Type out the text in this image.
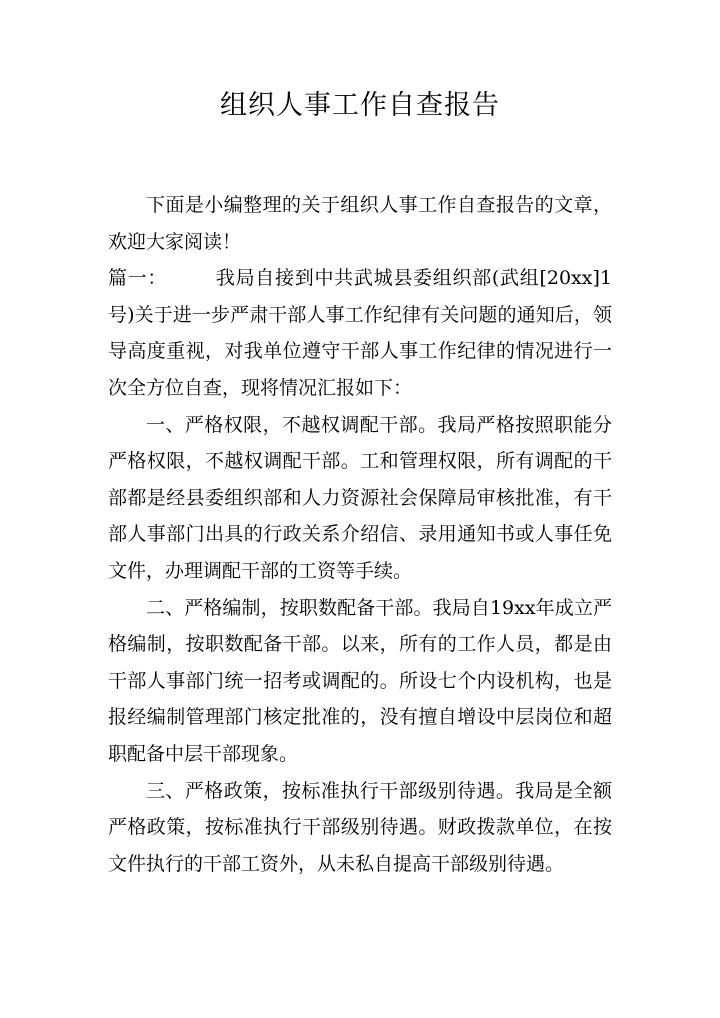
组织人事工作自查报告

下面是小编整理的关于组织人事工作自查报告的文章，欢迎大家阅读！

篇一：	我局自接到中共武城县委组织部(武组[20xx]1号)关于进一步严肃干部人事工作纪律有关问题的通知后，领导高度重视，对我单位遵守干部人事工作纪律的情况进行一次全方位自查，现将情况汇报如下：

一、严格权限，不越权调配干部。我局严格按照职能分严格权限，不越权调配干部。工和管理权限，所有调配的干部都是经县委组织部和人力资源社会保障局审核批准，有干部人事部门出具的行政关系介绍信、录用通知书或人事任免文件，办理调配干部的工资等手续。

二、严格编制，按职数配备干部。我局自19xx年成立严格编制，按职数配备干部。以来，所有的工作人员，都是由干部人事部门统一招考或调配的。所设七个内设机构，也是报经编制管理部门核定批准的，没有擅自增设中层岗位和超职配备中层干部现象。

三、严格政策，按标准执行干部级别待遇。我局是全额严格政策，按标准执行干部级别待遇。财政拨款单位，在按文件执行的干部工资外，从未私自提高干部级别待遇。
